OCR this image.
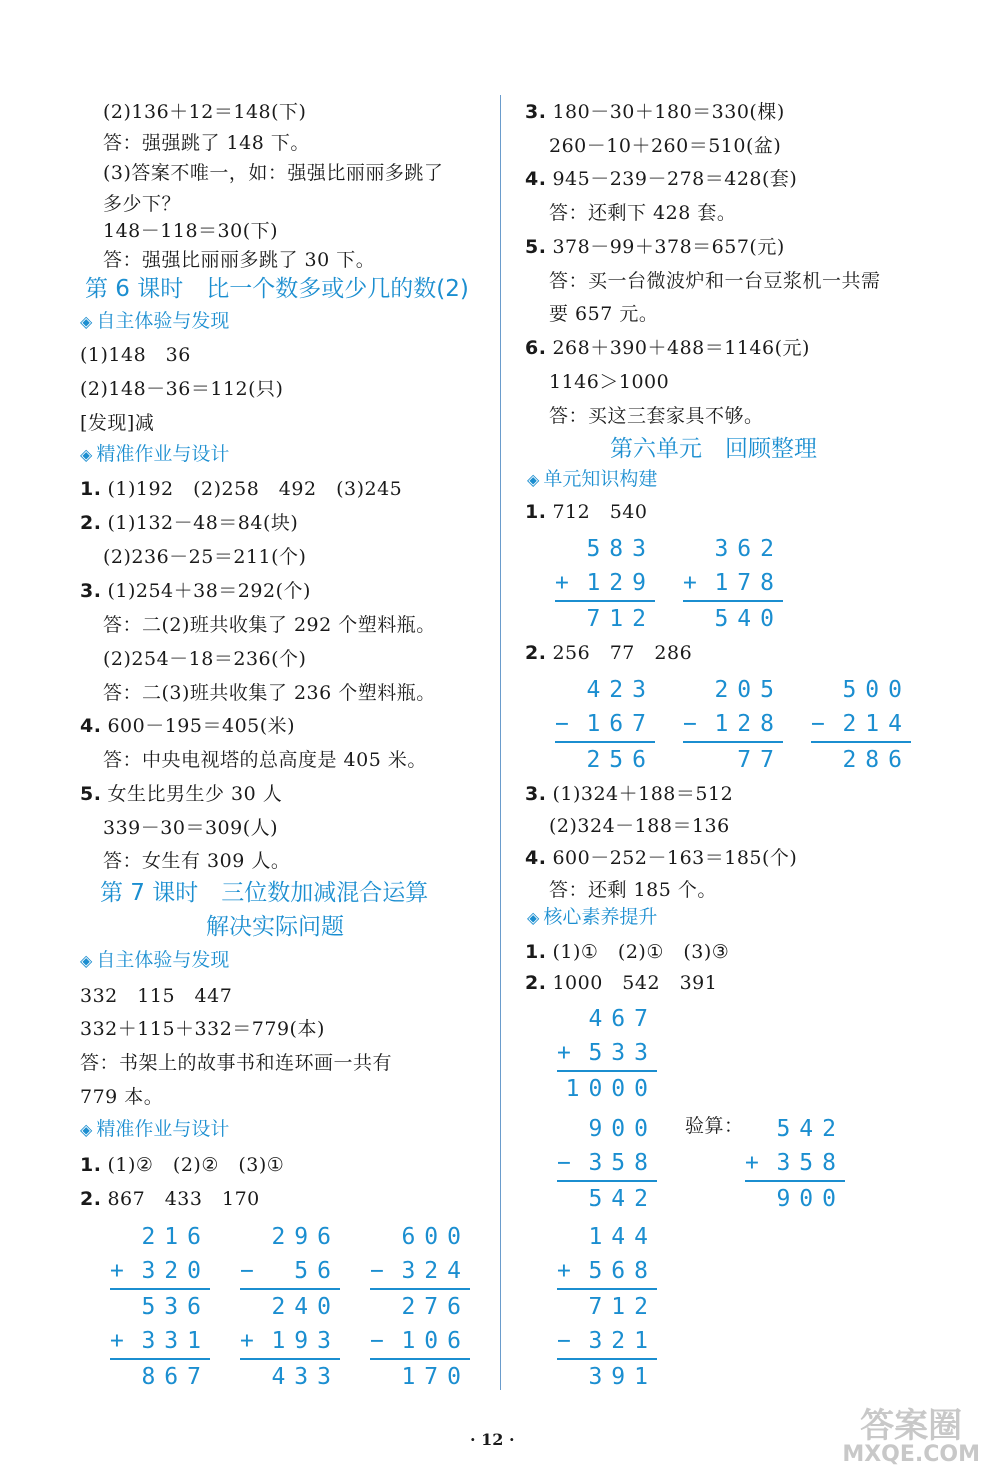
(2)136＋12＝148(下)
答：强强跳了 148 下。
(3)答案不唯一，如：强强比丽丽多跳了
多少下？
148－118＝30(下)
答：强强比丽丽多跳了 30 下。
第 6 课时　比一个数多或少几的数(2)
◈ 自主体验与发现
(1)148　36
(2)148－36＝112(只)
[发现]减
◈ 精准作业与设计
1. (1)192　(2)258　492　(3)245
2. (1)132－48＝84(块)
(2)236－25＝211(个)
3. (1)254＋38＝292(个)
答：二(2)班共收集了 292 个塑料瓶。
(2)254－18＝236(个)
答：二(3)班共收集了 236 个塑料瓶。
4. 600－195＝405(米)
答：中央电视塔的总高度是 405 米。
5. 女生比男生少 30 人
339－30＝309(人)
答：女生有 309 人。
第 7 课时　三位数加减混合运算
解决实际问题
◈ 自主体验与发现
332　115　447
332＋115＋332＝779(本)
答：书架上的故事书和连环画一共有
779 本。
◈ 精准作业与设计
1. (1)②　(2)②　(3)①
2. 867　433　170
216
+ 320
536
+ 331
867
296
− 56
240
+ 193
433
600
− 324
276
− 106
170
3. 180－30＋180＝330(棵)
260－10＋260＝510(盆)
4. 945－239－278＝428(套)
答：还剩下 428 套。
5. 378－99＋378＝657(元)
答：买一台微波炉和一台豆浆机一共需
要 657 元。
6. 268＋390＋488＝1146(元)
1146＞1000
答：买这三套家具不够。
第六单元　回顾整理
◈ 单元知识构建
1. 712　540
583
+ 129
712
362
+ 178
540
2. 256　77　286
423
− 167
256
205
− 128
77
500
− 214
286
3. (1)324＋188＝512
(2)324－188＝136
4. 600－252－163＝185(个)
答：还剩 185 个。
◈ 核心素养提升
1. (1)①　(2)①　(3)③
2. 1000　542　391
467
+ 533
1000
900
− 358
542
验算：	542
+ 358
900
144
+ 568
712
− 321
391
· 12 ·	答案圈
MXQE.COM
